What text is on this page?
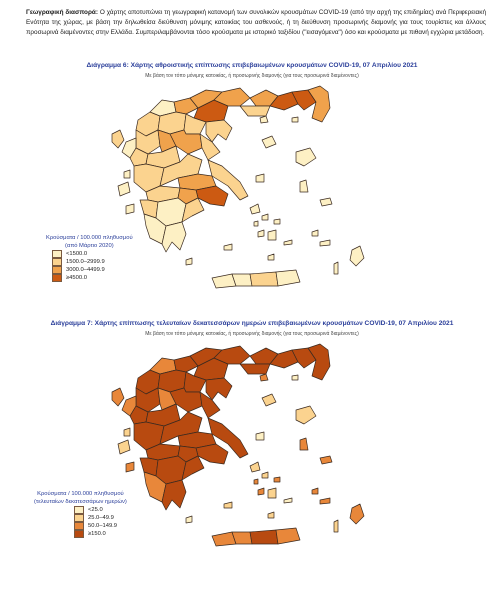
Γεωγραφική διασπορά: Ο χάρτης αποτυπώνει τη γεωγραφική κατανομή των συνολικών κρουσμάτων COVID-19 (από την αρχή της επιδημίας) ανά Περιφερειακή Ενότητα της χώρας, με βάση την δηλωθείσα διεύθυνση μόνιμης κατοικίας του ασθενούς, ή τη διεύθυνση προσωρινής διαμονής για τους τουρίστες και άλλους προσωρινά διαμένοντες στην Ελλάδα. Συμπεριλαμβάνονται τόσο κρούσματα με ιστορικό ταξιδίου ("εισαγόμενα") όσο και κρούσματα με πιθανή εγχώρια μετάδοση.
Διάγραμμα 6: Χάρτης αθροιστικής επίπτωσης επιβεβαιωμένων κρουσμάτων COVID-19, 07 Απριλίου 2021
Με βάση τον τόπο μόνιμης κατοικίας, ή προσωρινής διαμονής (για τους προσωρινά διαμένοντες)
Κρούσματα / 100.000 πληθυσμού
(από Μάρτιο 2020)
<1500.0
1500.0–2999.9
3000.0–4499.9
≥4500.0
Διάγραμμα 7: Χάρτης επίπτωσης τελευταίων δεκατεσσάρων ημερών επιβεβαιωμένων κρουσμάτων COVID-19, 07 Απριλίου 2021
Με βάση τον τόπο μόνιμης κατοικίας, ή προσωρινής διαμονής (για τους προσωρινά διαμένοντες)
Κρούσματα / 100.000 πληθυσμού
(τελευταίων δεκατεσσάρων ημερών)
<25.0
25.0–49.9
50.0–149.9
≥150.0
